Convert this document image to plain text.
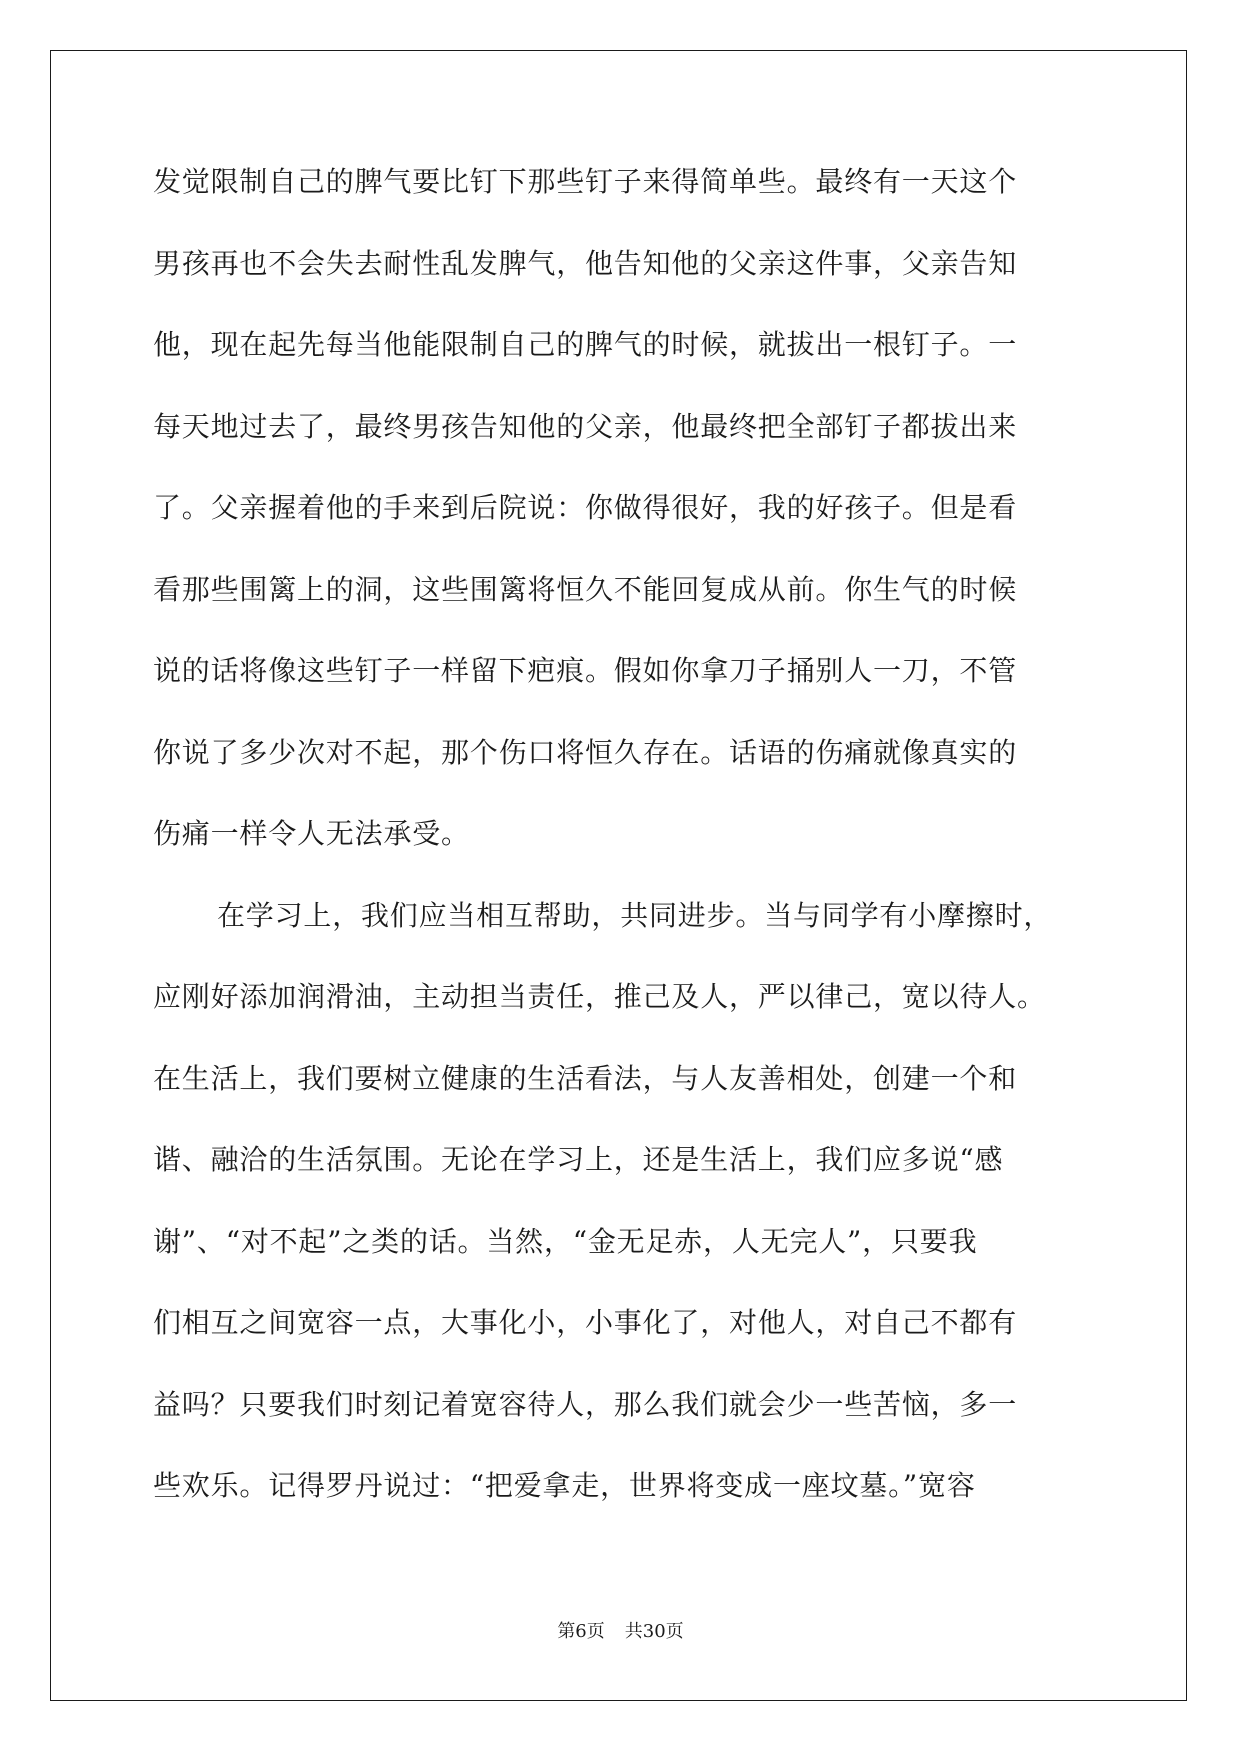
发觉限制自己的脾气要比钉下那些钉子来得简单些。最终有一天这个
男孩再也不会失去耐性乱发脾气，他告知他的父亲这件事，父亲告知
他，现在起先每当他能限制自己的脾气的时候，就拔出一根钉子。一
每天地过去了，最终男孩告知他的父亲，他最终把全部钉子都拔出来
了。父亲握着他的手来到后院说：你做得很好，我的好孩子。但是看
看那些围篱上的洞，这些围篱将恒久不能回复成从前。你生气的时候
说的话将像这些钉子一样留下疤痕。假如你拿刀子捅别人一刀，不管
你说了多少次对不起，那个伤口将恒久存在。话语的伤痛就像真实的
伤痛一样令人无法承受。
在学习上，我们应当相互帮助，共同进步。当与同学有小摩擦时，
应刚好添加润滑油，主动担当责任，推己及人，严以律己，宽以待人。
在生活上，我们要树立健康的生活看法，与人友善相处，创建一个和
谐、融洽的生活氛围。无论在学习上，还是生活上，我们应多说“感
谢”、“对不起”之类的话。当然，“金无足赤，人无完人”，只要我
们相互之间宽容一点，大事化小，小事化了，对他人，对自己不都有
益吗？只要我们时刻记着宽容待人，那么我们就会少一些苦恼，多一
些欢乐。记得罗丹说过：“把爱拿走，世界将变成一座坟墓。”宽容
第6页 共30页
